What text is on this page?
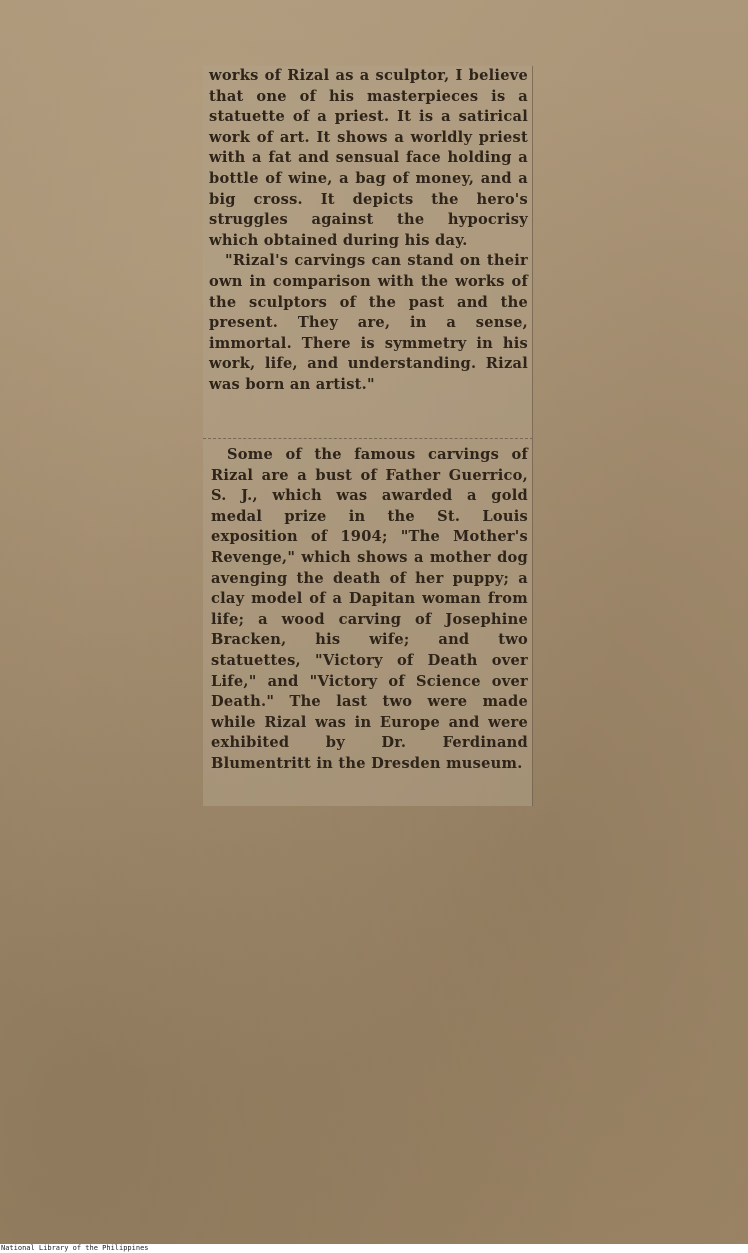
works of Rizal as a sculptor, I believe that one of his masterpieces is a statuette of a priest. It is a satirical work of art. It shows a worldly priest with a fat and sensual face holding a bottle of wine, a bag of money, and a big cross. It depicts the hero's struggles against the hypocrisy which obtained during his day.

"Rizal's carvings can stand on their own in comparison with the works of the sculptors of the past and the present. They are, in a sense, immortal. There is symmetry in his work, life, and understanding. Rizal was born an artist."

Some of the famous carvings of Rizal are a bust of Father Guerrico, S. J., which was awarded a gold medal prize in the St. Louis exposition of 1904; "The Mother's Revenge," which shows a mother dog avenging the death of her puppy; a clay model of a Dapitan woman from life; a wood carving of Josephine Bracken, his wife; and two statuettes, "Victory of Death over Life," and "Victory of Science over Death." The last two were made while Rizal was in Europe and were exhibited by Dr. Ferdinand Blumentritt in the Dresden museum.

National Library of the Philippines
